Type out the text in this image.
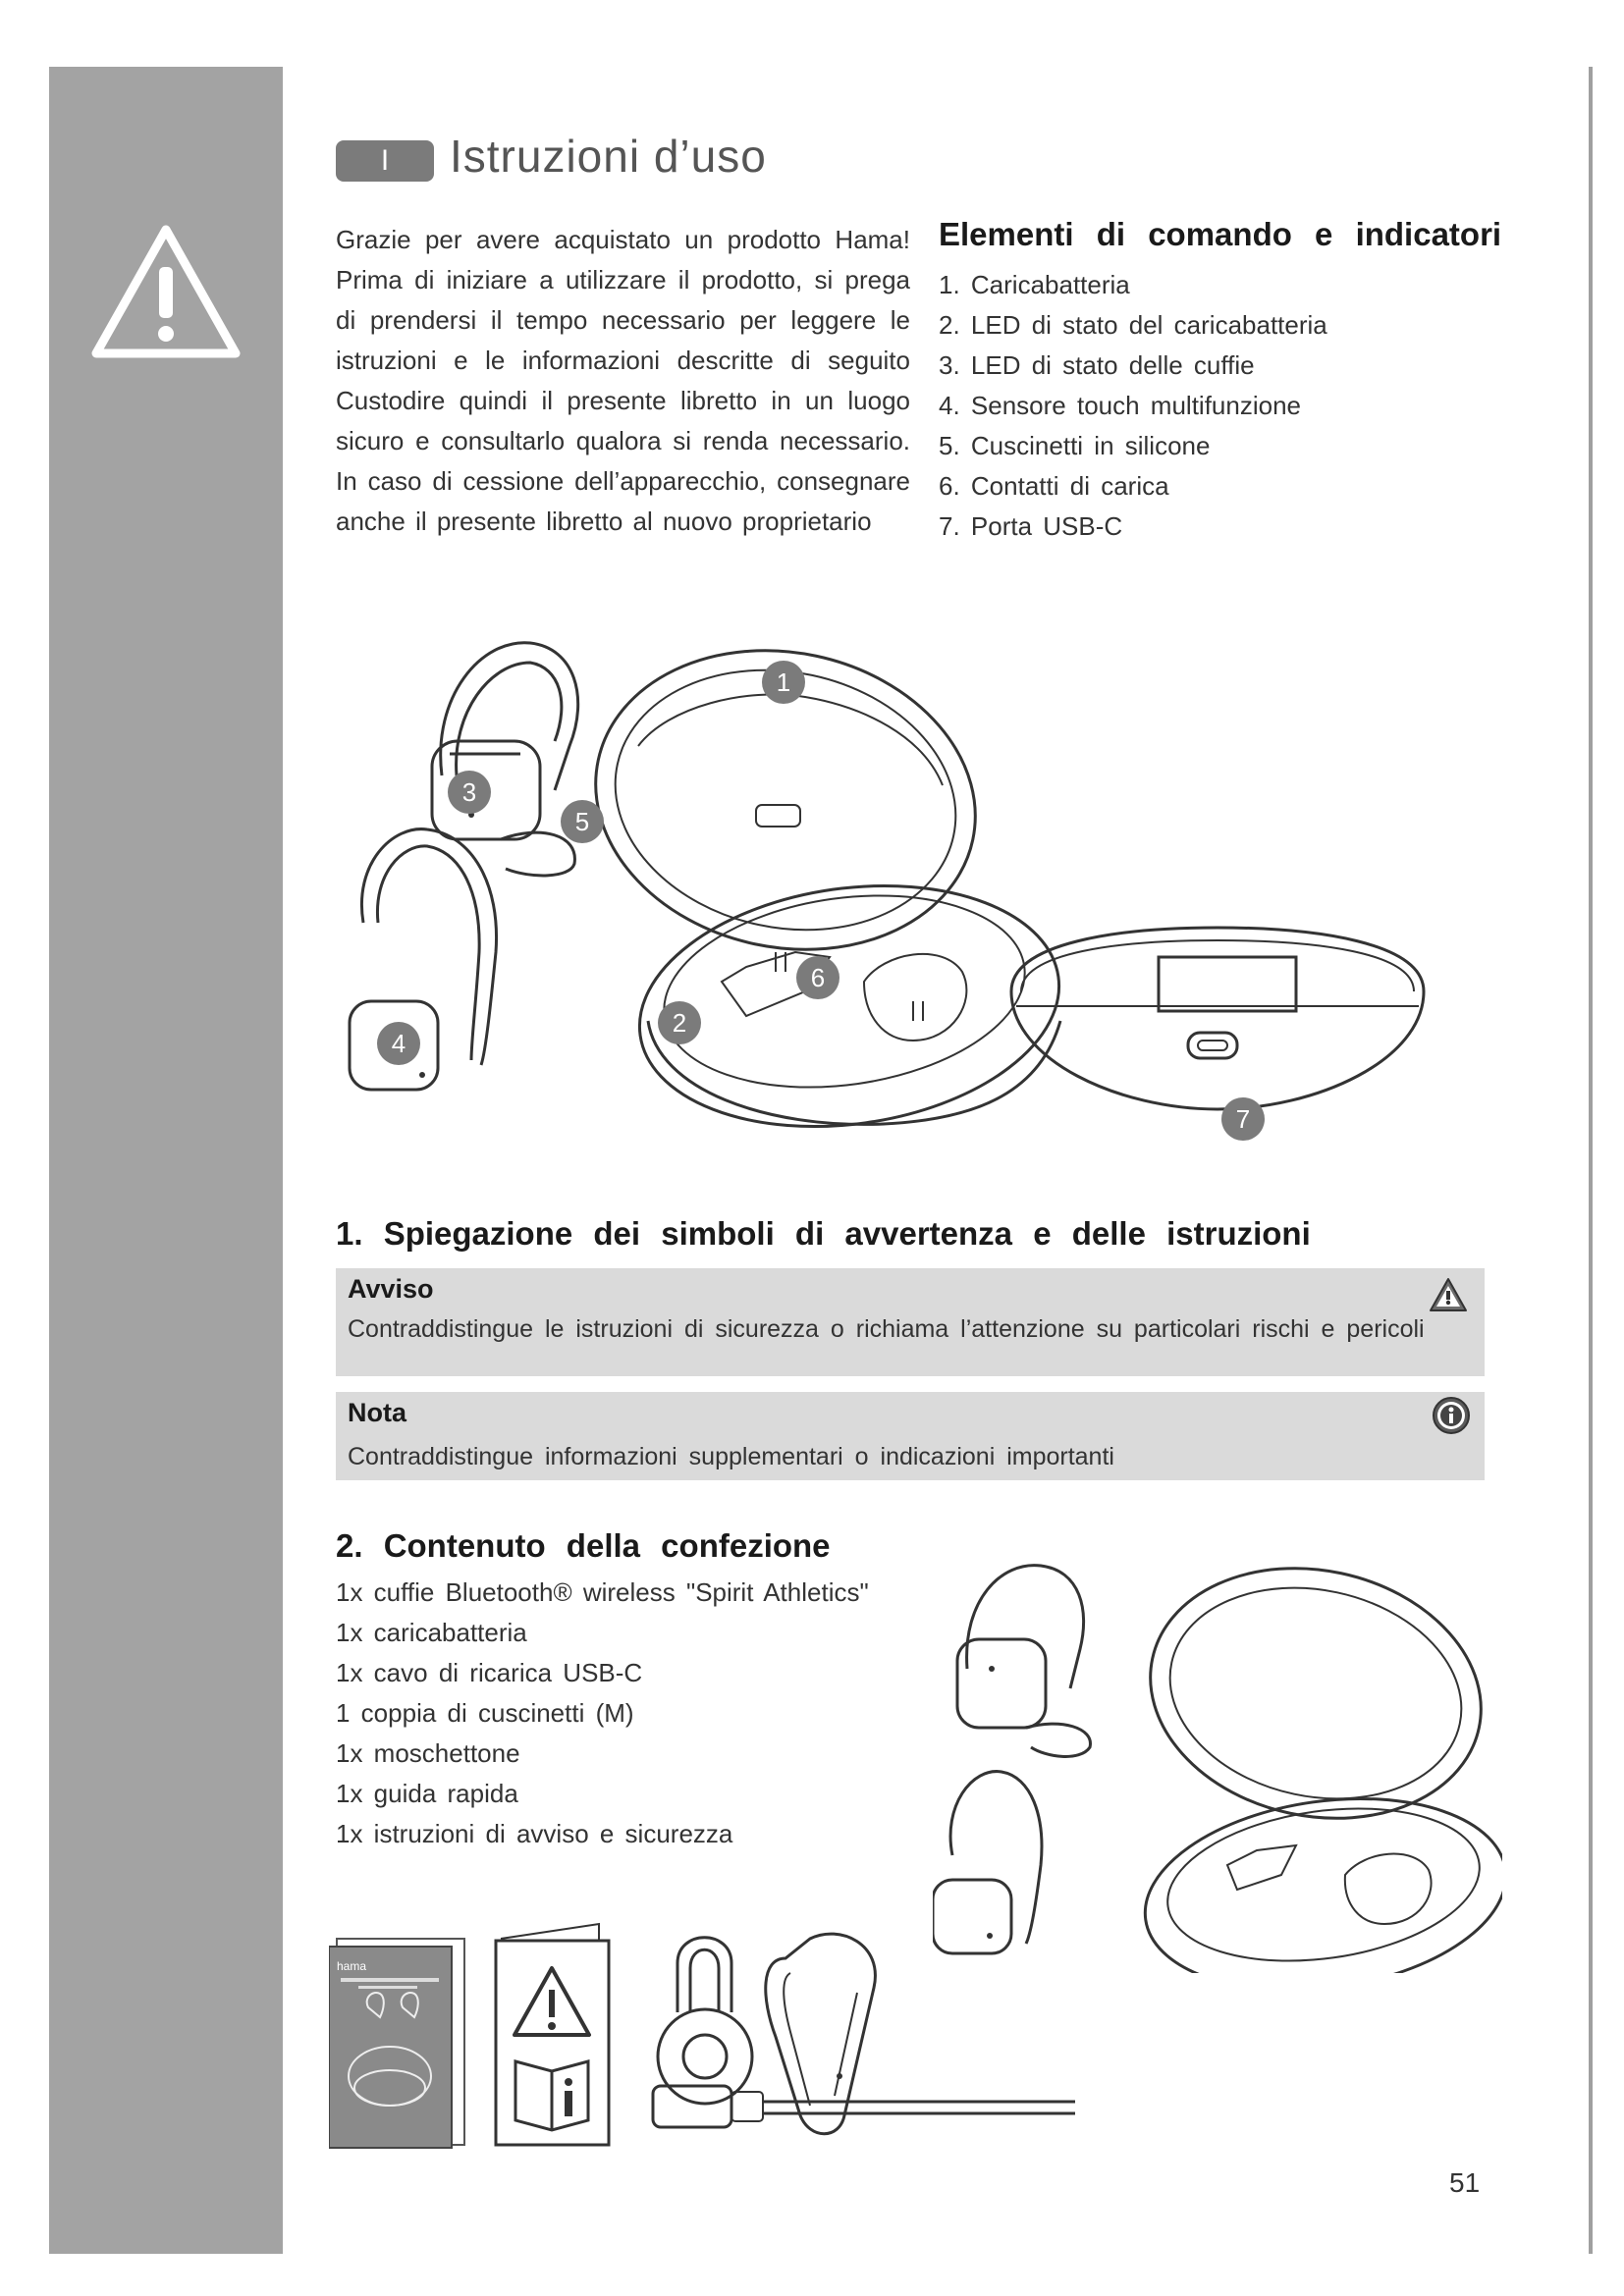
I	Istruzioni d’uso

Grazie per avere acquistato un prodotto Hama! Prima di iniziare a utilizzare il prodotto, si prega di prendersi il tempo necessario per leggere le istruzioni e le informazioni descritte di seguito Custodire quindi il presente libretto in un luogo sicuro e consultarlo qualora si renda necessario. In caso di cessione dell’apparecchio, consegnare anche il presente libretto al nuovo proprietario

Elementi di comando e indicatori
1. Caricabatteria
2. LED di stato del caricabatteria
3. LED di stato delle cuffie
4. Sensore touch multifunzione
5. Cuscinetti in silicone
6. Contatti di carica
7. Porta USB-C
1
2
3
4
5
6
7
1. Spiegazione dei simboli di avvertenza e delle istruzioni
Avviso
Contraddistingue le istruzioni di sicurezza o richiama l’attenzione su particolari rischi e pericoli
Nota
Contraddistingue informazioni supplementari o indicazioni importanti
2. Contenuto della confezione
1x cuffie Bluetooth® wireless "Spirit Athletics"
1x caricabatteria
1x cavo di ricarica USB-C
1 coppia di cuscinetti (M)
1x moschettone
1x guida rapida
1x istruzioni di avviso e sicurezza
hama
51
